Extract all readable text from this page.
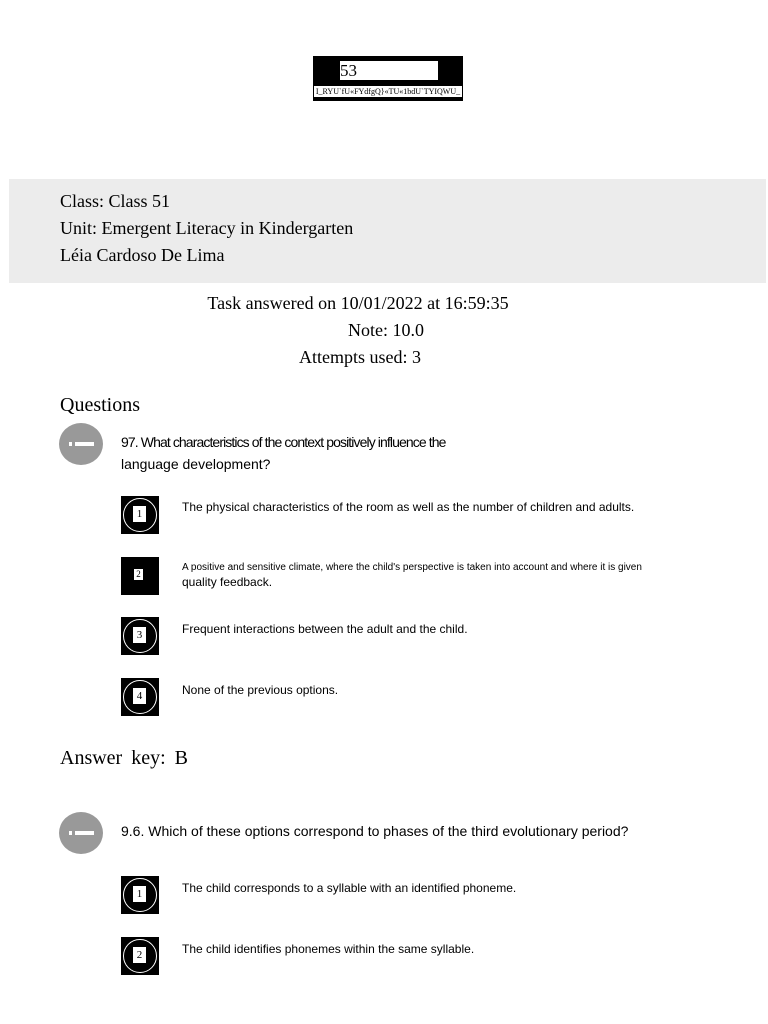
53
I_RYU`fU«FYdfgQ}«TU«1bdU`TYIQWU_
Class: Class 51
Unit: Emergent Literacy in Kindergarten
Léia Cardoso De Lima
Task answered on 10/01/2022 at 16:59:35
Note: 10.0
Attempts used: 3
Questions
97. What characteristics of the context positively influence the
language development?
1	The physical characteristics of the room as well as the number of children and adults.
2
A positive and sensitive climate, where the child's perspective is taken into account and where it is given
quality feedback.
3	Frequent interactions between the adult and the child.
4	None of the previous options.
Answer key: B
9.6. Which of these options correspond to phases of the third evolutionary period?
1	The child corresponds to a syllable with an identified phoneme.
2	The child identifies phonemes within the same syllable.
